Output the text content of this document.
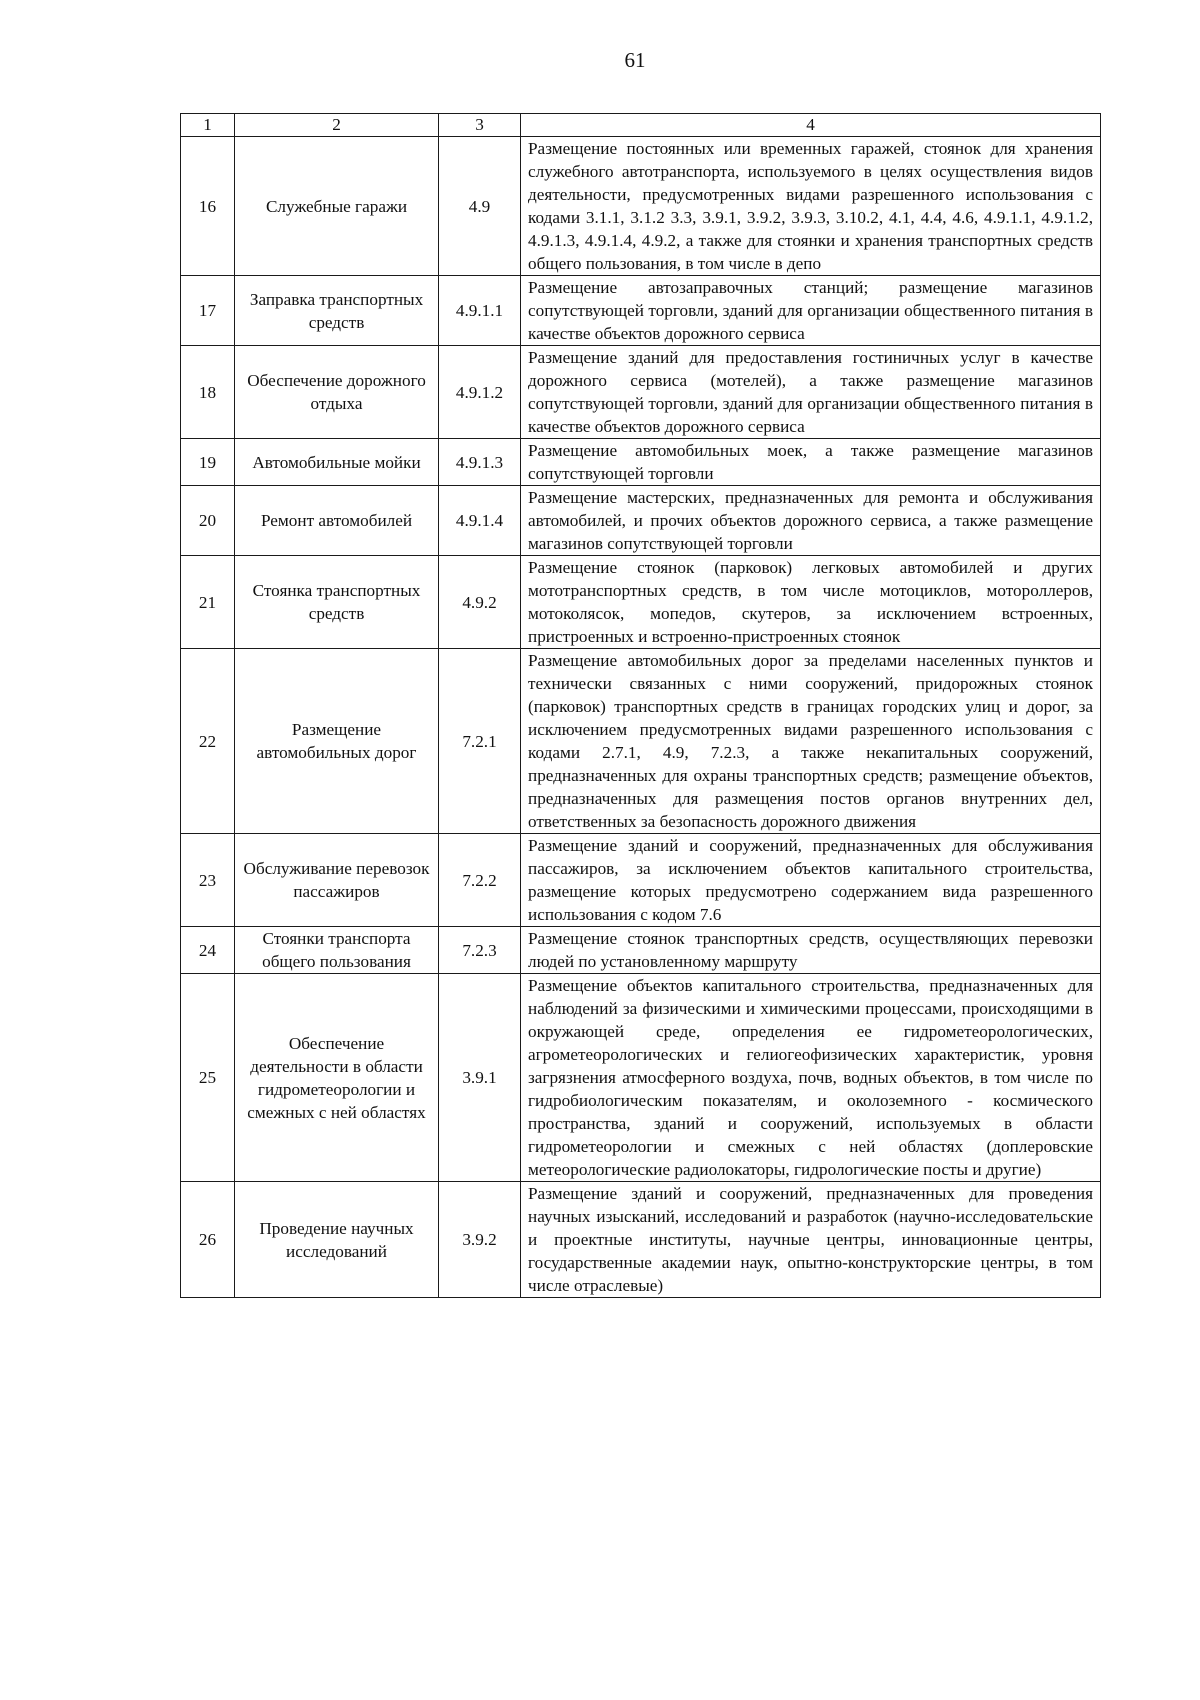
61
1	2	3	4
16	Служебные гаражи	4.9	Размещение постоянных или временных гаражей, стоянок для хранения служебного автотранспорта, используемого в целях осуществления видов деятельности, предусмотренных видами разрешенного использования с кодами 3.1.1, 3.1.2 3.3, 3.9.1, 3.9.2, 3.9.3, 3.10.2, 4.1, 4.4, 4.6, 4.9.1.1, 4.9.1.2, 4.9.1.3, 4.9.1.4, 4.9.2, а также для стоянки и хранения транспортных средств общего пользования, в том числе в депо
17	Заправка транспортных средств	4.9.1.1	Размещение автозаправочных станций; размещение магазинов сопутствующей торговли, зданий для организации общественного питания в качестве объектов дорожного сервиса
18	Обеспечение дорожного отдыха	4.9.1.2	Размещение зданий для предоставления гостиничных услуг в качестве дорожного сервиса (мотелей), а также размещение магазинов сопутствующей торговли, зданий для организации общественного питания в качестве объектов дорожного сервиса
19	Автомобильные мойки	4.9.1.3	Размещение автомобильных моек, а также размещение магазинов сопутствующей торговли
20	Ремонт автомобилей	4.9.1.4	Размещение мастерских, предназначенных для ремонта и обслуживания автомобилей, и прочих объектов дорожного сервиса, а также размещение магазинов сопутствующей торговли
21	Стоянка транспортных средств	4.9.2	Размещение стоянок (парковок) легковых автомобилей и других мототранспортных средств, в том числе мотоциклов, мотороллеров, мотоколясок, мопедов, скутеров, за исключением встроенных, пристроенных и встроенно-пристроенных стоянок
22	Размещение автомобильных дорог	7.2.1	Размещение автомобильных дорог за пределами населенных пунктов и технически связанных с ними сооружений, придорожных стоянок (парковок) транспортных средств в границах городских улиц и дорог, за исключением предусмотренных видами разрешенного использования с кодами 2.7.1, 4.9, 7.2.3, а также некапитальных сооружений, предназначенных для охраны транспортных средств; размещение объектов, предназначенных для размещения постов органов внутренних дел, ответственных за безопасность дорожного движения
23	Обслуживание перевозок пассажиров	7.2.2	Размещение зданий и сооружений, предназначенных для обслуживания пассажиров, за исключением объектов капитального строительства, размещение которых предусмотрено содержанием вида разрешенного использования с кодом 7.6
24	Стоянки транспорта общего пользования	7.2.3	Размещение стоянок транспортных средств, осуществляющих перевозки людей по установленному маршруту
25	Обеспечение деятельности в области гидрометеорологии и смежных с ней областях	3.9.1	Размещение объектов капитального строительства, предназначенных для наблюдений за физическими и химическими процессами, происходящими в окружающей среде, определения ее гидрометеорологических, агрометеорологических и гелиогеофизических характеристик, уровня загрязнения атмосферного воздуха, почв, водных объектов, в том числе по гидробиологическим показателям, и околоземного - космического пространства, зданий и сооружений, используемых в области гидрометеорологии и смежных с ней областях (доплеровские метеорологические радиолокаторы, гидрологические посты и другие)
26	Проведение научных исследований	3.9.2	Размещение зданий и сооружений, предназначенных для проведения научных изысканий, исследований и разработок (научно-исследовательские и проектные институты, научные центры, инновационные центры, государственные академии наук, опытно-конструкторские центры, в том числе отраслевые)
